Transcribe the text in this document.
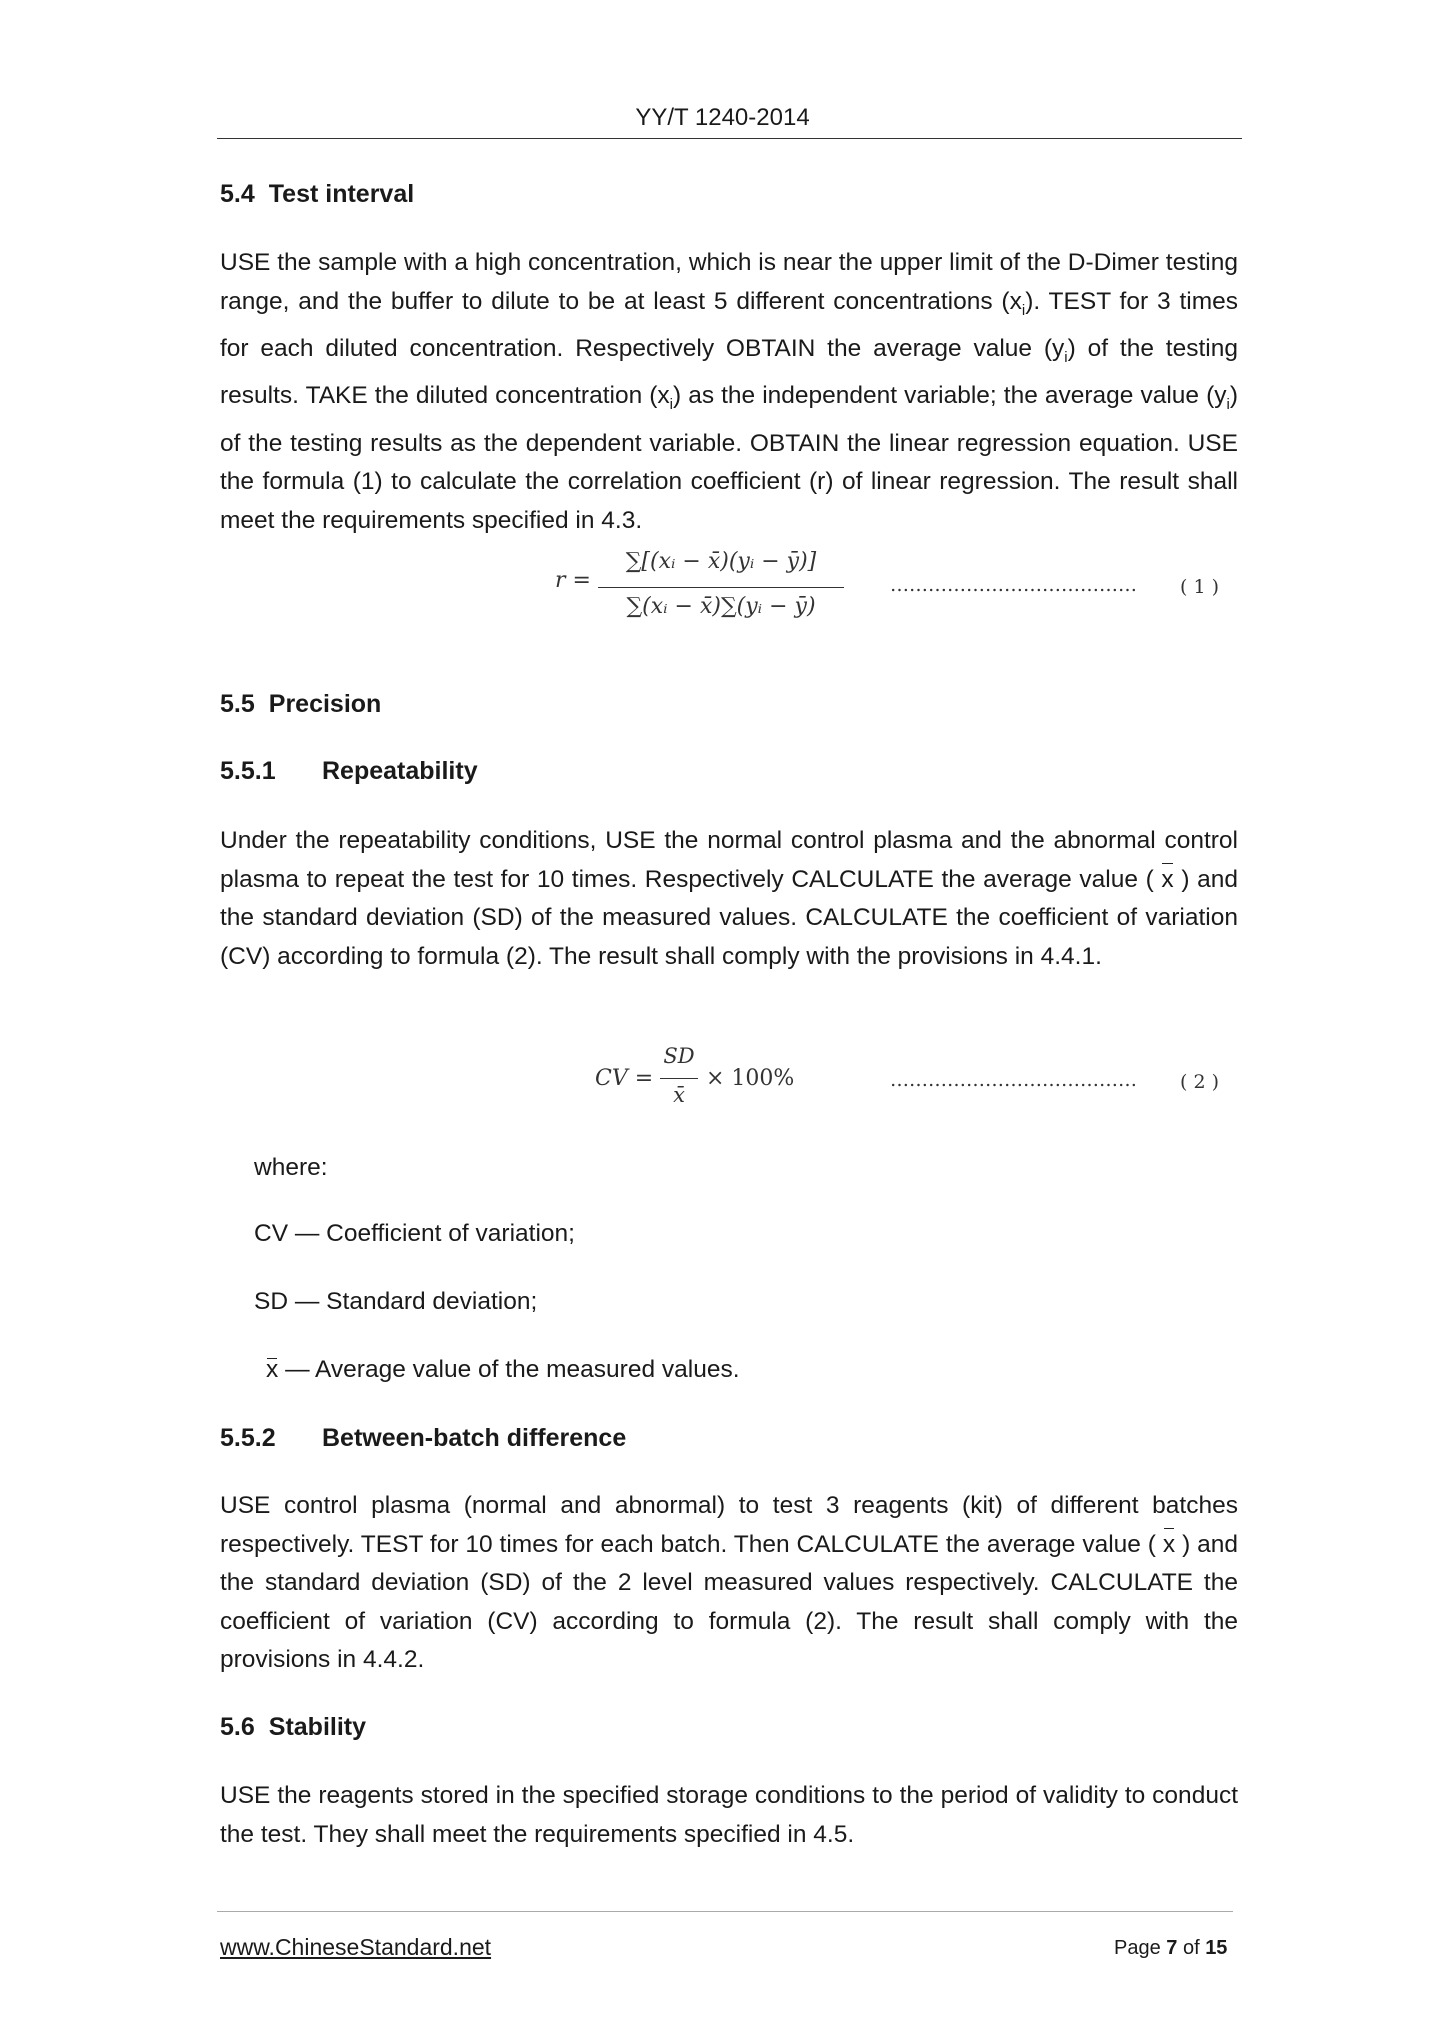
YY/T 1240-2014
5.4 Test interval
USE the sample with a high concentration, which is near the upper limit of the D-Dimer testing range, and the buffer to dilute to be at least 5 different concentrations $(x_i)$. TEST for 3 times for each diluted concentration. Respectively OBTAIN the average value $(y_i)$ of the testing results. TAKE the diluted concentration $(x_i)$ as the independent variable; the average value $(y_i)$ of the testing results as the dependent variable. OBTAIN the linear regression equation. USE the formula (1) to calculate the correlation coefficient (r) of linear regression. The result shall meet the requirements specified in 4.3.
r =
∑[(xᵢ − x̄)(yᵢ − ȳ)]
∑(xᵢ − x̄)∑(yᵢ − ȳ)
………………………………… ( 1 )
5.5 Precision
5.5.1 Repeatability
Under the repeatability conditions, USE the normal control plasma and the abnormal control plasma to repeat the test for 10 times. Respectively CALCULATE the average value ( x ) and the standard deviation (SD) of the measured values. CALCULATE the coefficient of variation (CV) according to formula (2). The result shall comply with the provisions in 4.4.1.
CV =
SD
x̄
× 100%	………………………………… ( 2 )
where:
CV — Coefficient of variation;
SD — Standard deviation;
x — Average value of the measured values.
5.5.2 Between-batch difference
USE control plasma (normal and abnormal) to test 3 reagents (kit) of different batches respectively. TEST for 10 times for each batch. Then CALCULATE the average value ( x ) and the standard deviation (SD) of the 2 level measured values respectively. CALCULATE the coefficient of variation (CV) according to formula (2). The result shall comply with the provisions in 4.4.2.
5.6 Stability
USE the reagents stored in the specified storage conditions to the period of validity to conduct the test. They shall meet the requirements specified in 4.5.
www.ChineseStandard.net	Page 7 of 15
